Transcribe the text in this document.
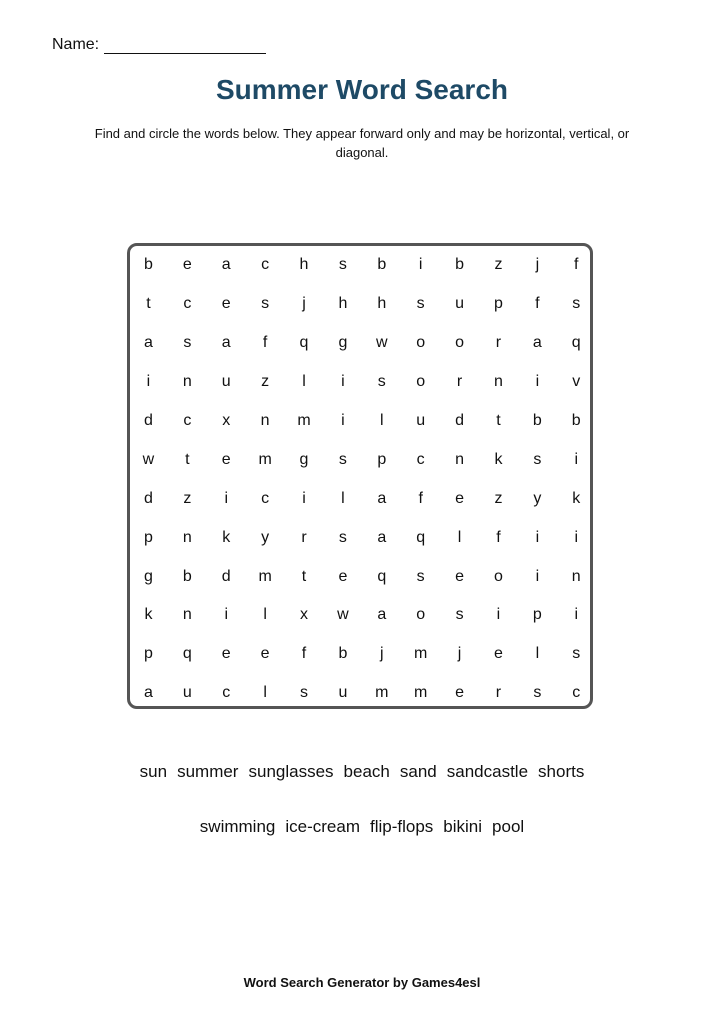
Name:
Summer Word Search

Find and circle the words below. They appear forward only and may be horizontal, vertical, or diagonal.

b	e	a	c	h	s	b	i	b	z	j	f
t	c	e	s	j	h	h	s	u	p	f	s
a	s	a	f	q	g	w	o	o	r	a	q
i	n	u	z	l	i	s	o	r	n	i	v
d	c	x	n	m	i	l	u	d	t	b	b
w	t	e	m	g	s	p	c	n	k	s	i
d	z	i	c	i	l	a	f	e	z	y	k
p	n	k	y	r	s	a	q	l	f	i	i
g	b	d	m	t	e	q	s	e	o	i	n
k	n	i	l	x	w	a	o	s	i	p	i
p	q	e	e	f	b	j	m	j	e	l	s
a	u	c	l	s	u	m	m	e	r	s	c
sun summer sunglasses beach sand sandcastle shorts
swimming ice-cream flip-flops bikini pool
Word Search Generator by Games4esl
